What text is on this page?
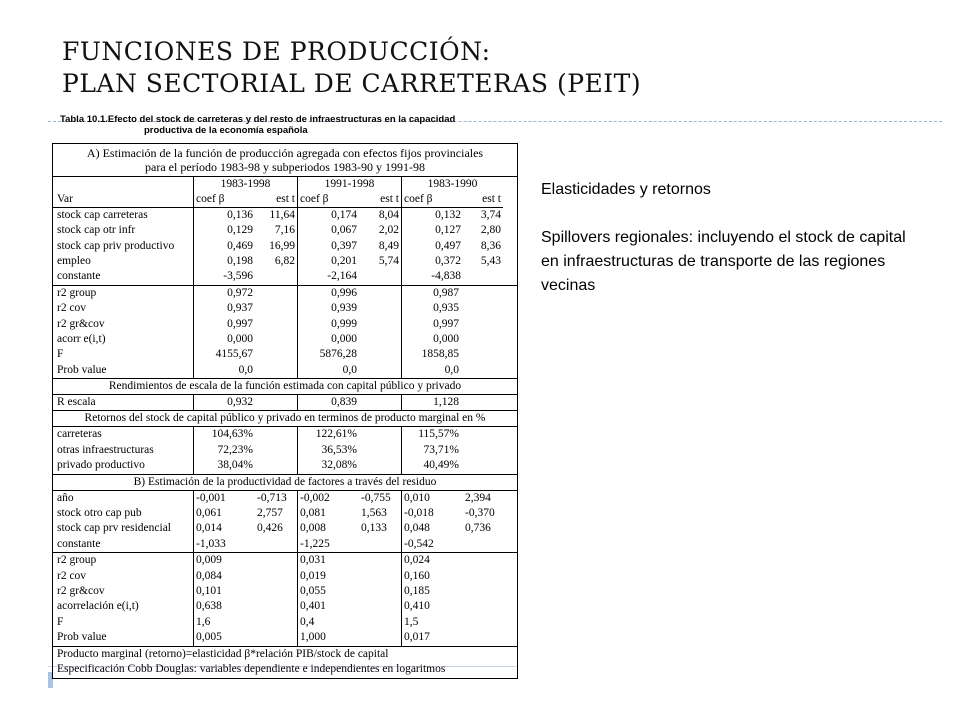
FUNCIONES DE PRODUCCIÓN:
PLAN SECTORIAL DE CARRETERAS (PEIT)

Elasticidades y retornos

Spillovers regionales: incluyendo el stock de capital en infraestructuras de transporte de las regiones vecinas

Tabla 10.1.Efecto del stock de carreteras y del resto de infraestructuras en la capacidad
productiva de la economía española
A) Estimación de la función de producción agregada con efectos fijos provinciales
para el período 1983-98 y subperiodos 1983-90 y 1991-98
1983-1998	1991-1998	1983-1990
Var	coef β	est t coef β	est t coef β	est t
stock cap carreteras	0,136	11,64	0,174	8,04	0,132	3,74
stock cap otr infr	0,129	7,16	0,067	2,02	0,127	2,80
stock cap priv productivo	0,469	16,99	0,397	8,49	0,497	8,36
empleo	0,198	6,82	0,201	5,74	0,372	5,43
constante	-3,596	-2,164	-4,838
r2 group	0,972	0,996	0,987
r2 cov	0,937	0,939	0,935
r2 gr&cov	0,997	0,999	0,997
acorr e(i,t)	0,000	0,000	0,000
F	4155,67	5876,28	1858,85
Prob value	0,0	0,0	0,0
Rendimientos de escala de la función estimada con capital público y privado
R escala	0,932	0,839	1,128
Retornos del stock de capital público y privado en terminos de producto marginal en %
carreteras	104,63%	122,61%	115,57%
otras infraestructuras	72,23%	36,53%	73,71%
privado productivo	38,04%	32,08%	40,49%
B) Estimación de la productividad de factores a través del residuo
año	-0,001	-0,713	-0,002	-0,755	0,010	2,394
stock otro cap pub	0,061	2,757	0,081	1,563	-0,018	-0,370
stock cap prv residencial	0,014	0,426	0,008	0,133	0,048	0,736
constante	-1,033	-1,225	-0,542
r2 group	0,009	0,031	0,024
r2 cov	0,084	0,019	0,160
r2 gr&cov	0,101	0,055	0,185
acorrelación e(i,t)	0,638	0,401	0,410
F	1,6	0,4	1,5
Prob value	0,005	1,000	0,017
Producto marginal (retorno)=elasticidad β*relación PIB/stock de capital
Especificación Cobb Douglas: variables dependiente e independientes en logaritmos
